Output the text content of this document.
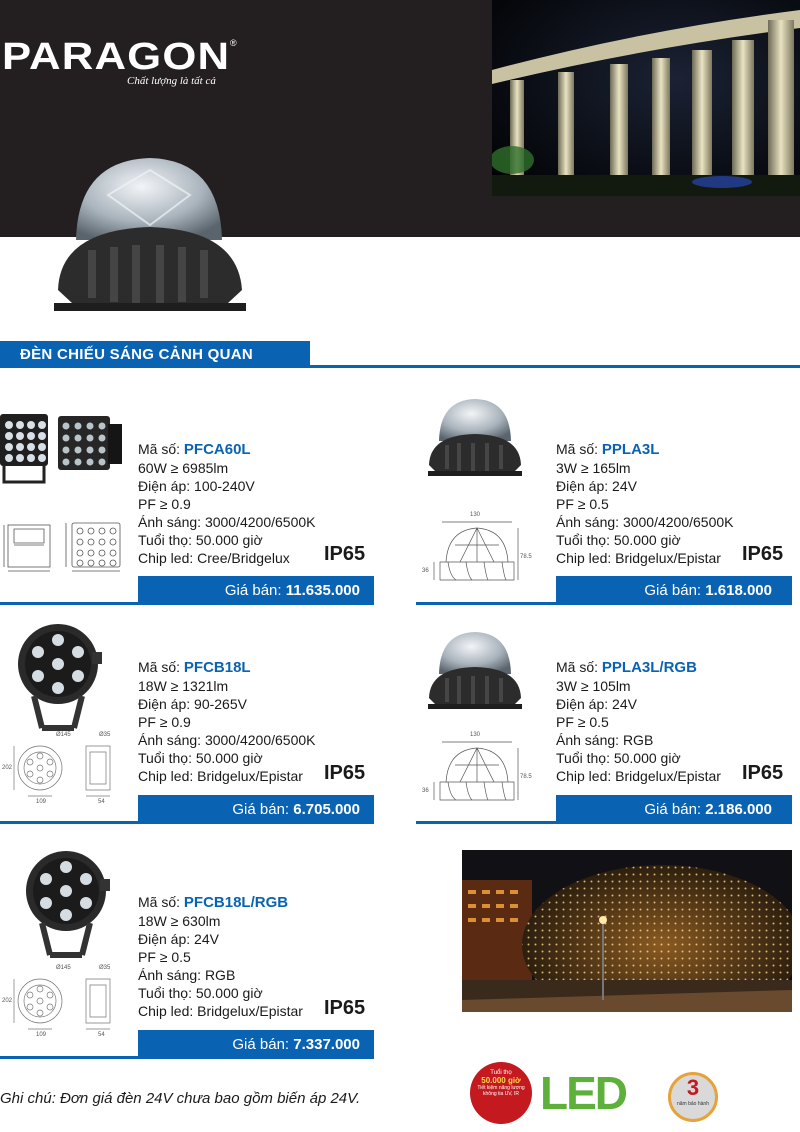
PARAGON ®
Chất lượng là tất cả
ĐÈN CHIẾU SÁNG CẢNH QUAN
Mã số: PFCA60L
60W ≥ 6985lm
Điện áp: 100-240V
PF ≥ 0.9
Ánh sáng: 3000/4200/6500K
Tuổi thọ: 50.000 giờ
Chip led: Cree/Bridgelux	IP65
Giá bán: 11.635.000
130
78.5
36
Mã số: PPLA3L
3W ≥ 165lm
Điện áp: 24V
PF ≥ 0.5
Ánh sáng: 3000/4200/6500K
Tuổi thọ: 50.000 giờ
Chip led: Bridgelux/Epistar	IP65
Giá bán: 1.618.000
Ø145	Ø35
202
109	54
Mã số: PFCB18L
18W ≥ 1321lm
Điện áp: 90-265V
PF ≥ 0.9
Ánh sáng: 3000/4200/6500K
Tuổi thọ: 50.000 giờ
Chip led: Bridgelux/Epistar	IP65
Giá bán: 6.705.000
130
78.5
36
Mã số: PPLA3L/RGB
3W ≥ 105lm
Điện áp: 24V
PF ≥ 0.5
Ánh sáng: RGB
Tuổi thọ: 50.000 giờ
Chip led: Bridgelux/Epistar IP65
Giá bán: 2.186.000
Ø145	Ø35
202
109	54
Mã số: PFCB18L/RGB
18W ≥ 630lm
Điện áp: 24V
PF ≥ 0.5
Ánh sáng: RGB
Tuổi thọ: 50.000 giờ
Chip led: Bridgelux/Epistar IP65
Giá bán: 7.337.000
Ghi chú: Đơn giá đèn 24V chưa bao gồm biến áp 24V.
Tuổi thọ
50.000 giờ
Tiết kiệm năng lượng không tia UV, IR LED	3
năm bảo hành
